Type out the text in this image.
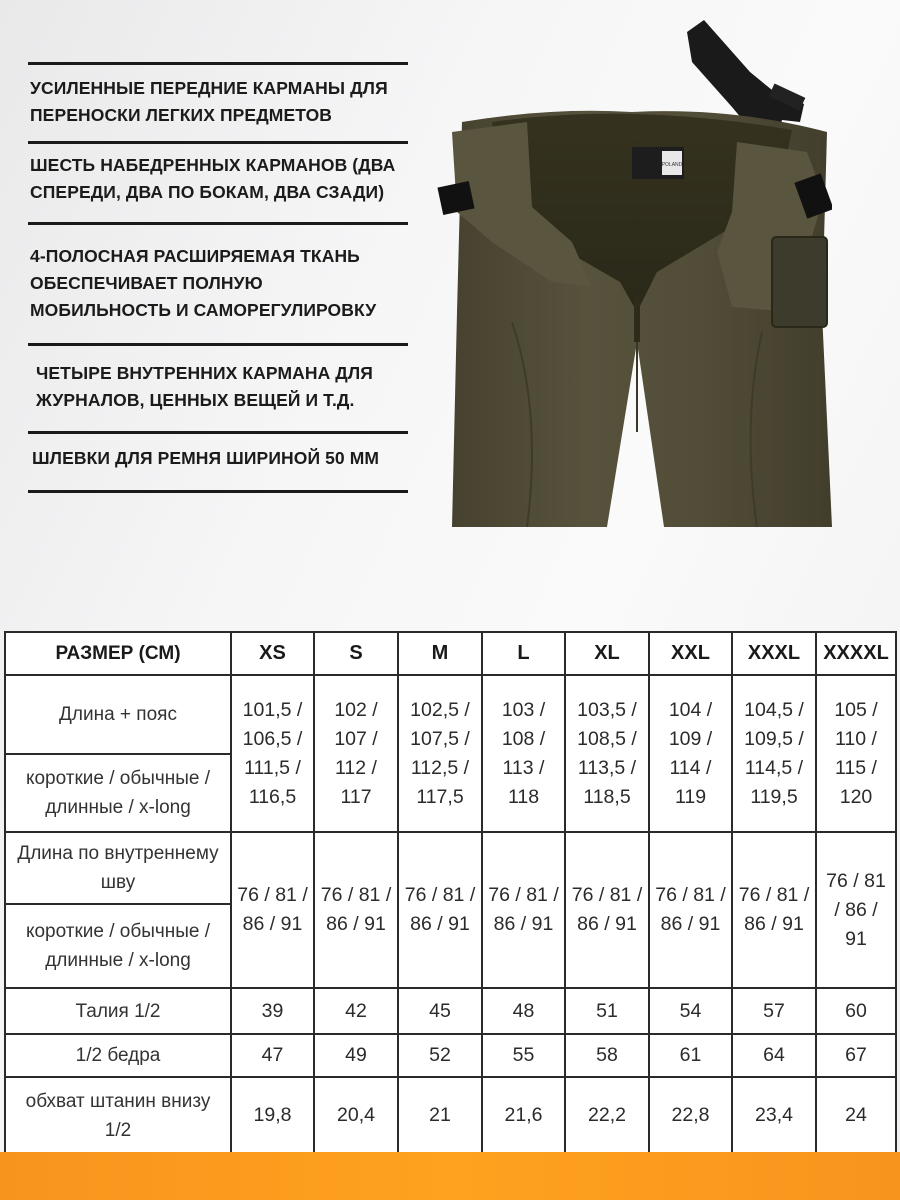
УСИЛЕННЫЕ ПЕРЕДНИЕ КАРМАНЫ ДЛЯ ПЕРЕНОСКИ ЛЕГКИХ ПРЕДМЕТОВ
ШЕСТЬ НАБЕДРЕННЫХ КАРМАНОВ (ДВА СПЕРЕДИ, ДВА ПО БОКАМ, ДВА СЗАДИ)
4-ПОЛОСНАЯ РАСШИРЯЕМАЯ ТКАНЬ ОБЕСПЕЧИВАЕТ ПОЛНУЮ МОБИЛЬНОСТЬ И САМОРЕГУЛИРОВКУ
ЧЕТЫРЕ ВНУТРЕННИХ КАРМАНА ДЛЯ ЖУРНАЛОВ, ЦЕННЫХ ВЕЩЕЙ И Т.Д.
ШЛЕВКИ ДЛЯ РЕМНЯ ШИРИНОЙ 50 ММ
POLAND
РАЗМЕР (СМ)	XS	S	M	L	XL	XXL	XXXL	XXXXL
Длина + пояс	101,5 / 106,5 / 111,5 / 116,5	102 / 107 / 112 / 117	102,5 / 107,5 / 112,5 / 117,5	103 / 108 / 113 / 118	103,5 / 108,5 / 113,5 / 118,5	104 / 109 / 114 / 119	104,5 / 109,5 / 114,5 / 119,5	105 / 110 / 115 / 120
короткие / обычные / длинные / x-long								
Длина по внутреннему шву	76 / 81 / 86 / 91	76 / 81 / 86 / 91	76 / 81 / 86 / 91	76 / 81 / 86 / 91	76 / 81 / 86 / 91	76 / 81 / 86 / 91	76 / 81 / 86 / 91	76 / 81 / 86 / 91
короткие / обычные / длинные / x-long								
Талия 1/2	39	42	45	48	51	54	57	60
1/2 бедра	47	49	52	55	58	61	64	67
обхват штанин внизу 1/2	19,8	20,4	21	21,6	22,2	22,8	23,4	24
